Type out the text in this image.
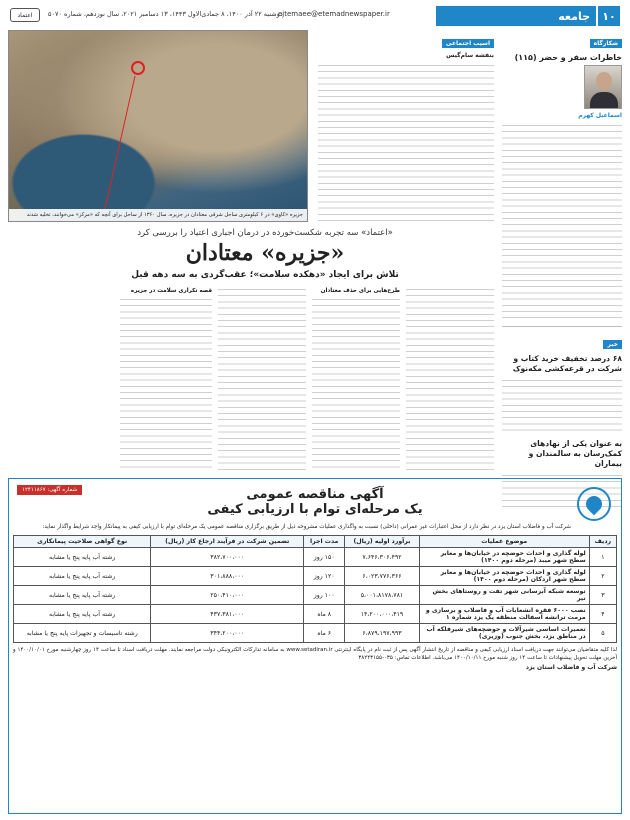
۱۰
جامعه
ejtemaee@etemadnewspaper.ir
دوشنبه ۲۲ آذر ۱۴۰۰، ۸ جمادی‌الاول ۱۴۴۳، ۱۳ دسامبر ۲۰۲۱، سال نوزدهم، شماره ۵۰۷۰
اعتماد
شکارگاه
خاطرات سفر و حضر (۱۱۵)

اسماعیل کهرم
خبر
۶۸ درصد تخفیف خرید کتاب و شرکت در قرعه‌کشی مکه‌نوک
به عنوان یکی از نهادهای کمک‌رسان به سالمندان و بیماران
اسیب‌ اجتماعی
بنفشه سام‌گیس
جزیره «کاوی» در ۶ کیلومتری ساحل شرقی معتادان در جزیره، سال ۱۳۶۰ از ساحل برای آنچه که «مرکز» می‌خوانند، تخلیه شدند
«اعتماد» سه تجربه شکست‌خورده در درمان اجباری اعتیاد را بررسی کرد
«جزیره» معتادان
تلاش برای ایجاد «دهکده سلامت»؛ عقب‌گردی به سه دهه قبل
طرح‌هایی برای حذف معتادان
قصه‌ تکراری سلامت در جزیره
شماره آگهی: ۱۲۴۱۱۸۶۷	آگهی مناقصه عمومی
یک مرحله‌ای توام با ارزیابی کیفی
شرکت آب و فاضلاب استان یزد در نظر دارد از محل اعتبارات غیر عمرانی (داخلی) نسبت به واگذاری عملیات مشروحه ذیل از طریق برگزاری مناقصه عمومی یک مرحله‌ای توام با ارزیابی کیفی به پیمانکار واجد شرایط واگذار نماید:
ردیف	موضوع عملیات	برآورد اولیه (ریال)	مدت اجرا	تضمین شرکت در فرآیند ارجاع کار (ریال)	نوع گواهی صلاحیت پیمانکاری
۱	لوله گذاری و احداث حوضچه در خیابان‌ها و معابر سطح شهر میبد (مرحله دوم ۱۴۰۰)	۷،۶۴۶،۳۰۶،۴۹۲	۱۵۰ روز	۳۸۲،۷۰۰،۰۰۰	رشته آب پایه پنج یا مشابه
۲	لوله گذاری و احداث حوضچه در خیابان‌ها و معابر سطح شهر اردکان (مرحله دوم ۱۴۰۰)	۶،۰۲۳،۷۷۶،۳۶۶	۱۲۰ روز	۳۰۱،۸۸۸،۰۰۰	رشته آب پایه پنج یا مشابه
۳	توسعه شبکه آبرسانی شهر تفت و روستاهای بخش نیر	۵،۰۰۱،۸۱۷۸،۷۸۱	۱۰۰ روز	۲۵۰،۴۱۰،۰۰۰	رشته آب پایه پنج یا مشابه
۴	نصب ۶۰۰۰ فقره انشعابات آب و فاضلاب و برسازی و مرمت ترانشه آسفالت منطقه یک یزد شماره ۱	۱۴،۲۰۰،۰۰۰،۴۱۹	۸ ماه	۴۳۷،۳۸۱،۰۰۰	رشته آب پایه پنج یا مشابه
۵	تعمیرات اساسی شیرآلات و حوضچه‌های شیرفلکه آب در مناطق یزد، بخش جنوب (وزیری)	۶،۸۷۹،۱۹۷،۹۹۳	۶ ماه	۳۴۴،۲۰۰،۰۰۰	رشته تاسیسات و تجهیزات پایه پنج یا مشابه
لذا کلیه متقاضیان می‌توانند جهت دریافت اسناد ارزیابی کیفی و مناقصه از تاریخ انتشار آگهی پس از ثبت نام در پایگاه اینترنتی www.setadiran.ir به سامانه تدارکات الکترونیکی دولت مراجعه نمایند. مهلت دریافت اسناد تا ساعت ۱۴ روز چهارشنبه مورخ ۱۴۰۰/۱۰/۰۱ و آخرین مهلت تحویل پیشنهادات تا ساعت ۱۴ روز شنبه مورخ ۱۴۰۰/۱۰/۱۱ می‌باشد. اطلاعات تماس: ۰۳۵-۳۸۲۴۳۱۵۵
شرکت آب و فاضلاب استان یزد
